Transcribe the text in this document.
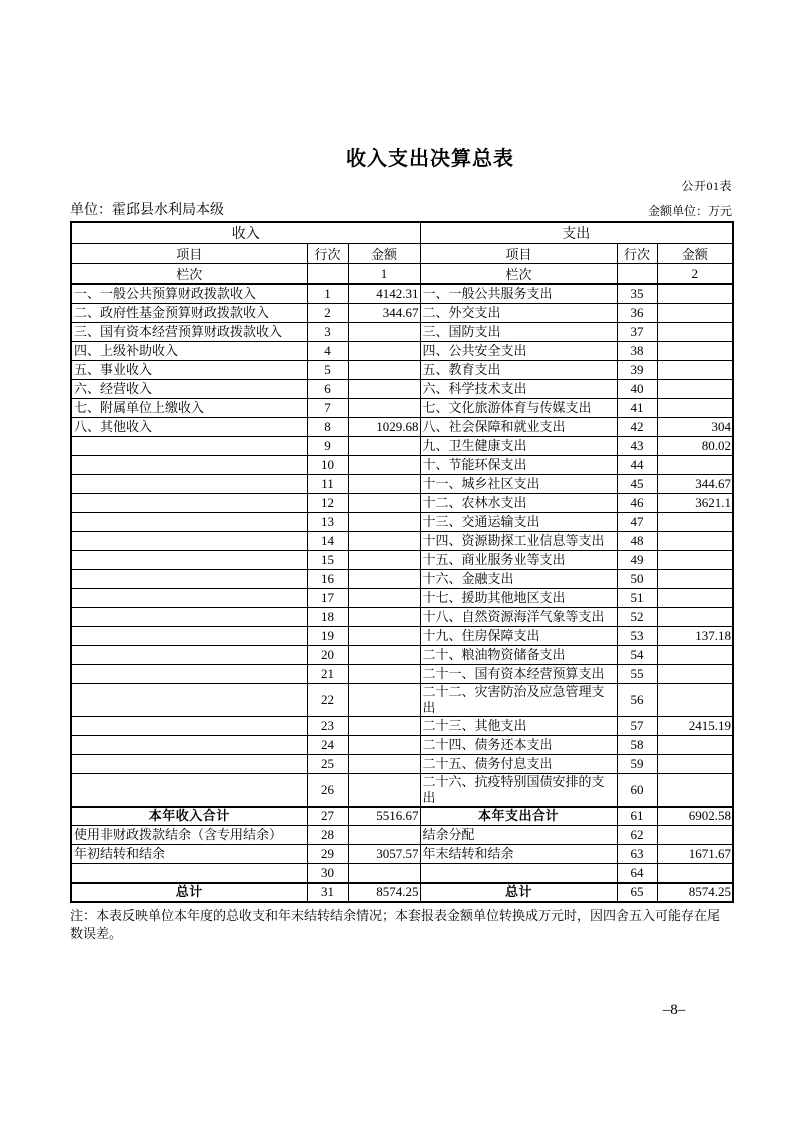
收入支出决算总表
公开01表
单位：霍邱县水利局本级	金额单位：万元
收入			支出		
项目	行次	金额	项目	行次	金额
栏次		1	栏次		2
一、一般公共预算财政拨款收入	1	4142.31	一、一般公共服务支出	35	
二、政府性基金预算财政拨款收入	2	344.67	二、外交支出	36	
三、国有资本经营预算财政拨款收入	3		三、国防支出	37	
四、上级补助收入	4		四、公共安全支出	38	
五、事业收入	5		五、教育支出	39	
六、经营收入	6		六、科学技术支出	40	
七、附属单位上缴收入	7		七、文化旅游体育与传媒支出	41	
八、其他收入	8	1029.68	八、社会保障和就业支出	42	304
	9		九、卫生健康支出	43	80.02
	10		十、节能环保支出	44	
	11		十一、城乡社区支出	45	344.67
	12		十二、农林水支出	46	3621.1
	13		十三、交通运输支出	47	
	14		十四、资源勘探工业信息等支出	48	
	15		十五、商业服务业等支出	49	
	16		十六、金融支出	50	
	17		十七、援助其他地区支出	51	
	18		十八、自然资源海洋气象等支出	52	
	19		十九、住房保障支出	53	137.18
	20		二十、粮油物资储备支出	54	
	21		二十一、国有资本经营预算支出	55	
	22		二十二、灾害防治及应急管理支出	56	
	23		二十三、其他支出	57	2415.19
	24		二十四、债务还本支出	58	
	25		二十五、债务付息支出	59	
	26		二十六、抗疫特别国债安排的支出	60	
本年收入合计	27	5516.67	本年支出合计	61	6902.58
使用非财政拨款结余（含专用结余）	28		结余分配	62	
年初结转和结余	29	3057.57	年末结转和结余	63	1671.67
	30			64	
总计	31	8574.25	总计	65	8574.25

注：本表反映单位本年度的总收支和年末结转结余情况；本套报表金额单位转换成万元时，因四舍五入可能存在尾数误差。

–8–
